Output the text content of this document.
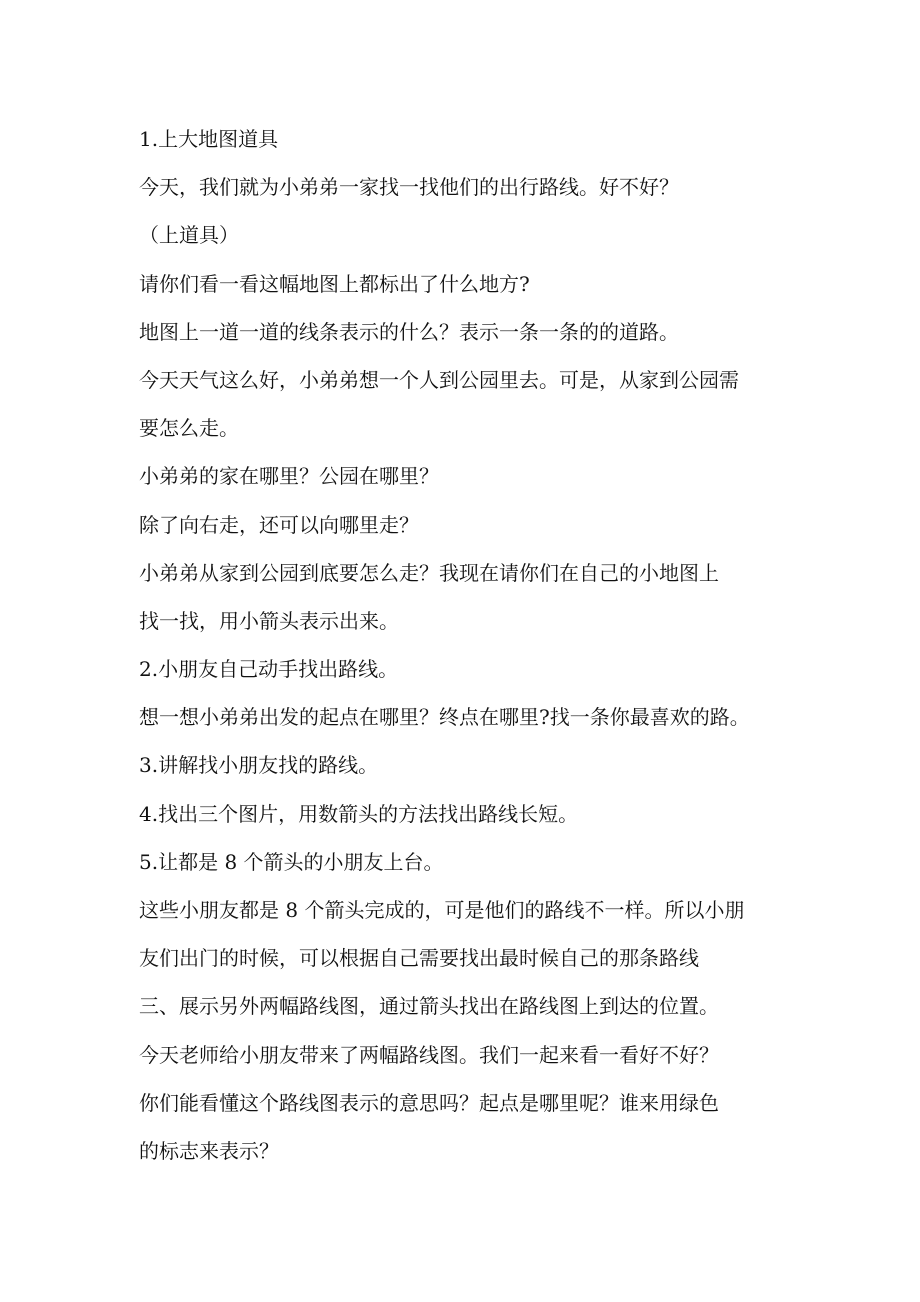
1.上大地图道具
今天，我们就为小弟弟一家找一找他们的出行路线。好不好？
（上道具）
请你们看一看这幅地图上都标出了什么地方?
地图上一道一道的线条表示的什么？表示一条一条的的道路。
今天天气这么好，小弟弟想一个人到公园里去。可是，从家到公园需
要怎么走。
小弟弟的家在哪里？公园在哪里？
除了向右走，还可以向哪里走？
小弟弟从家到公园到底要怎么走？我现在请你们在自己的小地图上
找一找，用小箭头表示出来。
2.小朋友自己动手找出路线。
想一想小弟弟出发的起点在哪里？终点在哪里?找一条你最喜欢的路。
3.讲解找小朋友找的路线。
4.找出三个图片，用数箭头的方法找出路线长短。
5.让都是 8 个箭头的小朋友上台。
这些小朋友都是 8 个箭头完成的，可是他们的路线不一样。所以小朋
友们出门的时候，可以根据自己需要找出最时候自己的那条路线
三、展示另外两幅路线图，通过箭头找出在路线图上到达的位置。
今天老师给小朋友带来了两幅路线图。我们一起来看一看好不好？
你们能看懂这个路线图表示的意思吗？起点是哪里呢？谁来用绿色
的标志来表示？
